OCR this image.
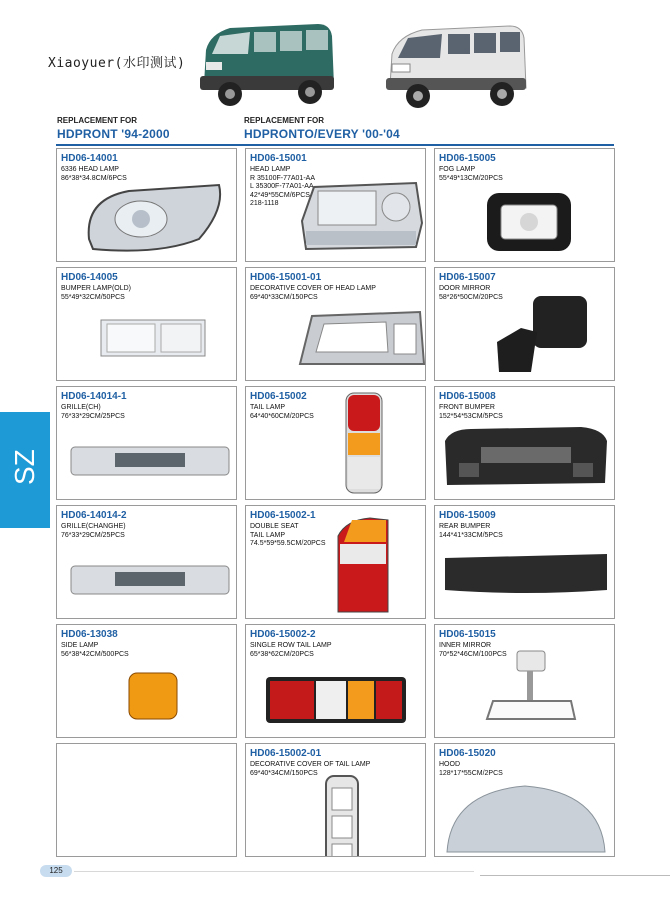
Xiaoyuer(水印测试)
REPLACEMENT FOR
HDPRONT '94-2000
REPLACEMENT FOR
HDPRONTO/EVERY '00-'04
SZ
HD06-14001
6336 HEAD LAMP
86*38*34.8CM/6PCS
HD06-15001
HEAD LAMP
R 35100F-77A01-AA
L 35300F-77A01-AA
42*49*55CM/6PCS
218-1118
HD06-15005
FOG LAMP
55*49*13CM/20PCS
HD06-14005
BUMPER LAMP(OLD)
55*49*32CM/50PCS
HD06-15001-01
DECORATIVE COVER OF HEAD LAMP
69*40*33CM/150PCS
HD06-15007
DOOR MIRROR
58*26*50CM/20PCS
HD06-14014-1
GRILLE(CH)
76*33*29CM/25PCS
HD06-15002
TAIL LAMP
64*40*60CM/20PCS
HD06-15008
FRONT BUMPER
152*54*53CM/5PCS
HD06-14014-2
GRILLE(CHANGHE)
76*33*29CM/25PCS
HD06-15002-1
DOUBLE SEAT
TAIL LAMP
74.5*59*59.5CM/20PCS
HD06-15009
REAR BUMPER
144*41*33CM/5PCS
HD06-13038
SIDE LAMP
56*38*42CM/500PCS
HD06-15002-2
SINGLE ROW TAIL LAMP
65*38*62CM/20PCS
HD06-15015
INNER MIRROR
70*52*46CM/100PCS
HD06-15002-01
DECORATIVE COVER OF TAIL LAMP
69*40*34CM/150PCS
HD06-15020
HOOD
128*17*55CM/2PCS
125
